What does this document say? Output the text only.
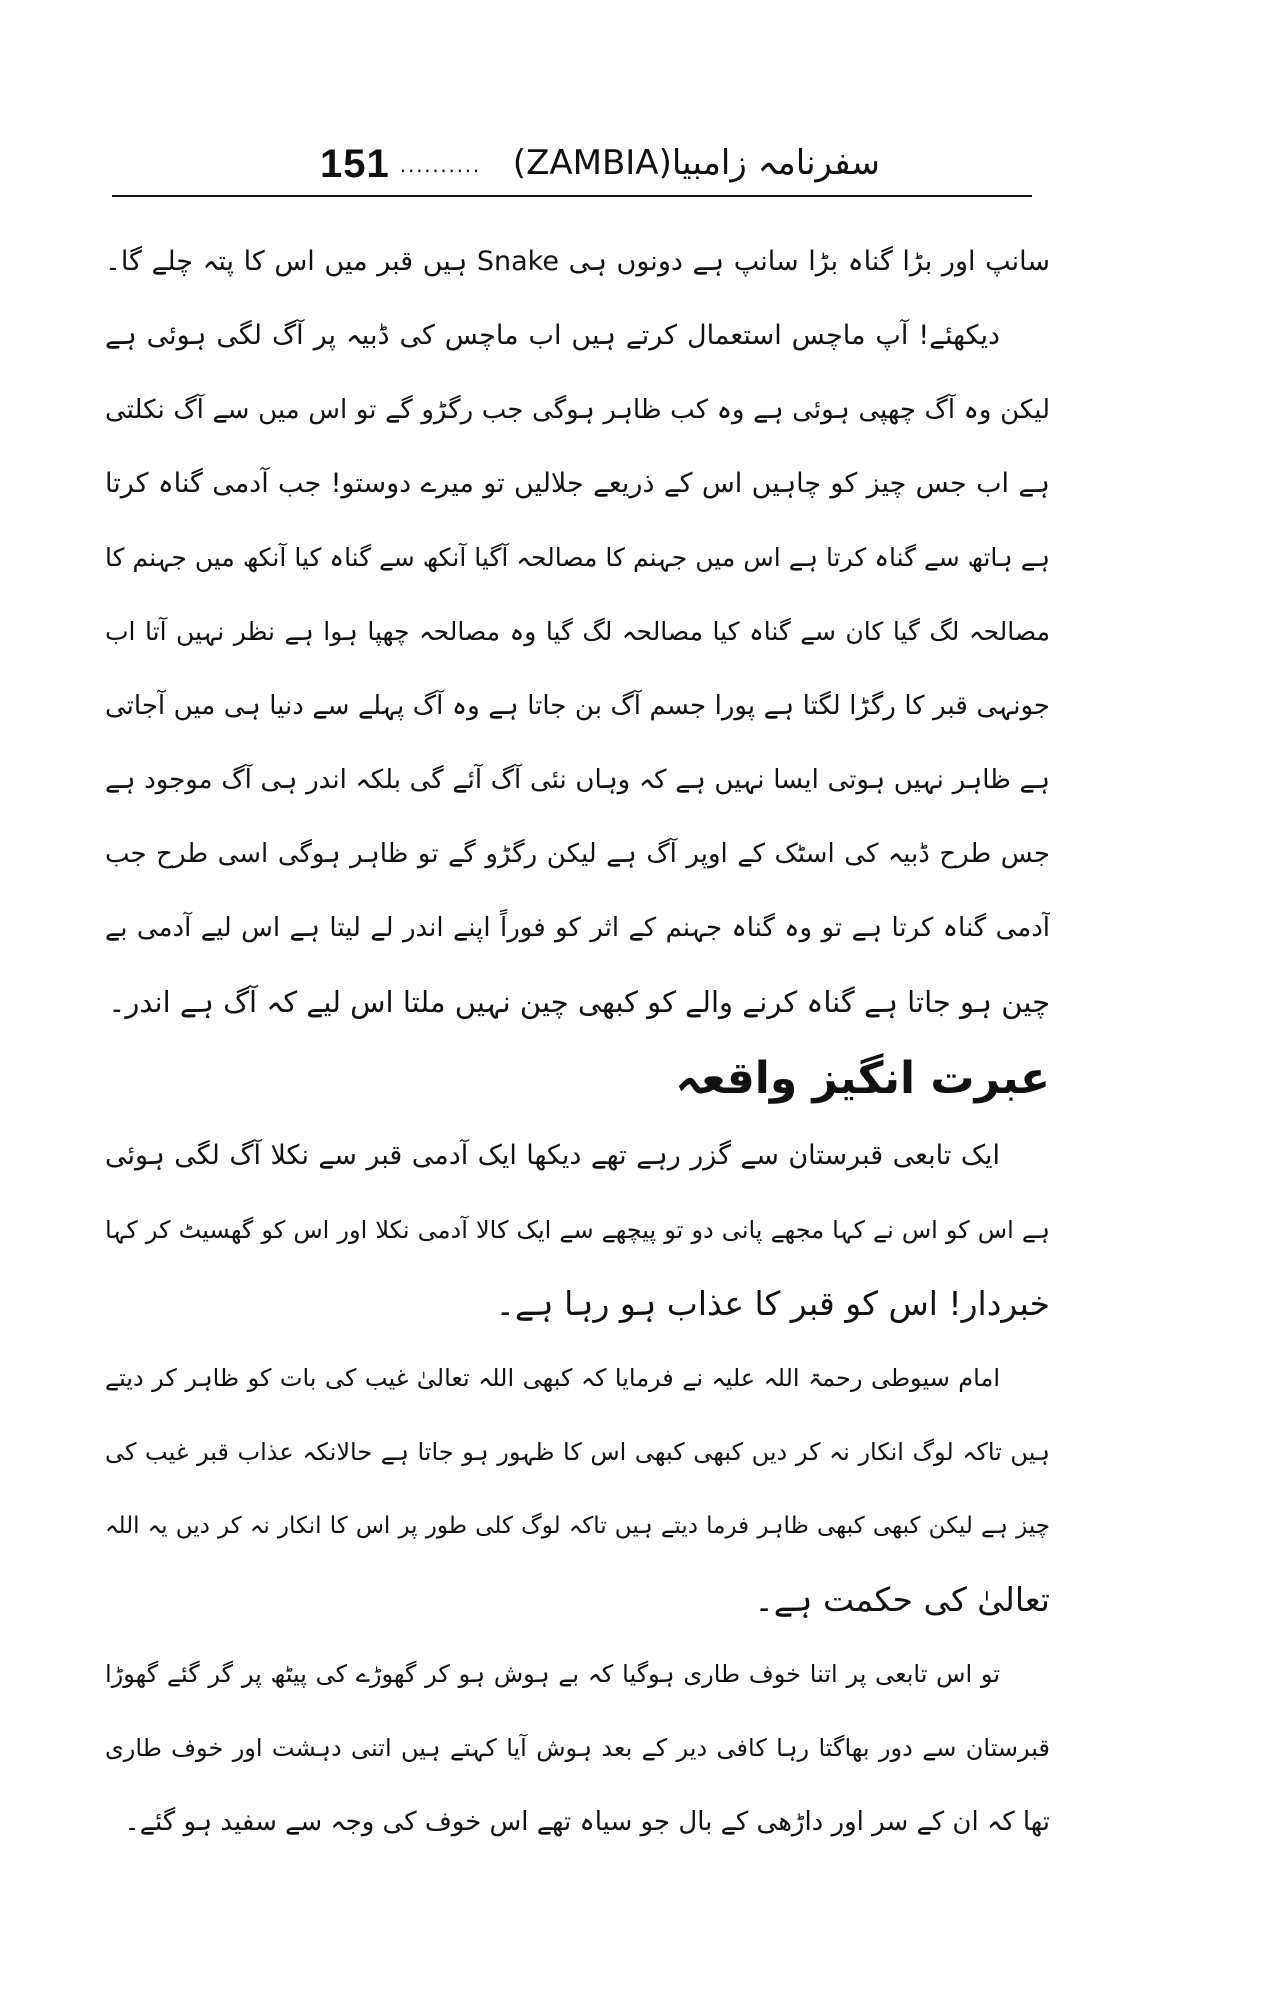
151 .......... سفرنامہ زامبیا(ZAMBIA)
سانپ اور بڑا گناہ بڑا سانپ ہے دونوں ہی Snake ہیں قبر میں اس کا پتہ چلے گا۔
دیکھئے! آپ ماچس استعمال کرتے ہیں اب ماچس کی ڈبیہ پر آگ لگی ہوئی ہے
لیکن وہ آگ چھپی ہوئی ہے وہ کب ظاہر ہوگی جب رگڑو گے تو اس میں سے آگ نکلتی
ہے اب جس چیز کو چاہیں اس کے ذریعے جلالیں تو میرے دوستو! جب آدمی گناہ کرتا
ہے ہاتھ سے گناہ کرتا ہے اس میں جہنم کا مصالحہ آگیا آنکھ سے گناہ کیا آنکھ میں جہنم کا
مصالحہ لگ گیا کان سے گناہ کیا مصالحہ لگ گیا وہ مصالحہ چھپا ہوا ہے نظر نہیں آتا اب
جونہی قبر کا رگڑا لگتا ہے پورا جسم آگ بن جاتا ہے وہ آگ پہلے سے دنیا ہی میں آجاتی
ہے ظاہر نہیں ہوتی ایسا نہیں ہے کہ وہاں نئی آگ آئے گی بلکہ اندر ہی آگ موجود ہے
جس طرح ڈبیہ کی اسٹک کے اوپر آگ ہے لیکن رگڑو گے تو ظاہر ہوگی اسی طرح جب
آدمی گناہ کرتا ہے تو وہ گناہ جہنم کے اثر کو فوراً اپنے اندر لے لیتا ہے اس لیے آدمی بے
چین ہو جاتا ہے گناہ کرنے والے کو کبھی چین نہیں ملتا اس لیے کہ آگ ہے اندر۔
عبرت انگیز واقعہ
ایک تابعی قبرستان سے گزر رہے تھے دیکھا ایک آدمی قبر سے نکلا آگ لگی ہوئی
ہے اس کو اس نے کہا مجھے پانی دو تو پیچھے سے ایک کالا آدمی نکلا اور اس کو گھسیٹ کر کہا
خبردار! اس کو قبر کا عذاب ہو رہا ہے۔
امام سیوطی رحمۃ اللہ علیہ نے فرمایا کہ کبھی اللہ تعالیٰ غیب کی بات کو ظاہر کر دیتے
ہیں تاکہ لوگ انکار نہ کر دیں کبھی کبھی اس کا ظہور ہو جاتا ہے حالانکہ عذاب قبر غیب کی
چیز ہے لیکن کبھی کبھی ظاہر فرما دیتے ہیں تاکہ لوگ کلی طور پر اس کا انکار نہ کر دیں یہ اللہ
تعالیٰ کی حکمت ہے۔
تو اس تابعی پر اتنا خوف طاری ہوگیا کہ بے ہوش ہو کر گھوڑے کی پیٹھ پر گر گئے گھوڑا
قبرستان سے دور بھاگتا رہا کافی دیر کے بعد ہوش آیا کہتے ہیں اتنی دہشت اور خوف طاری
تھا کہ ان کے سر اور داڑھی کے بال جو سیاہ تھے اس خوف کی وجہ سے سفید ہو گئے۔
